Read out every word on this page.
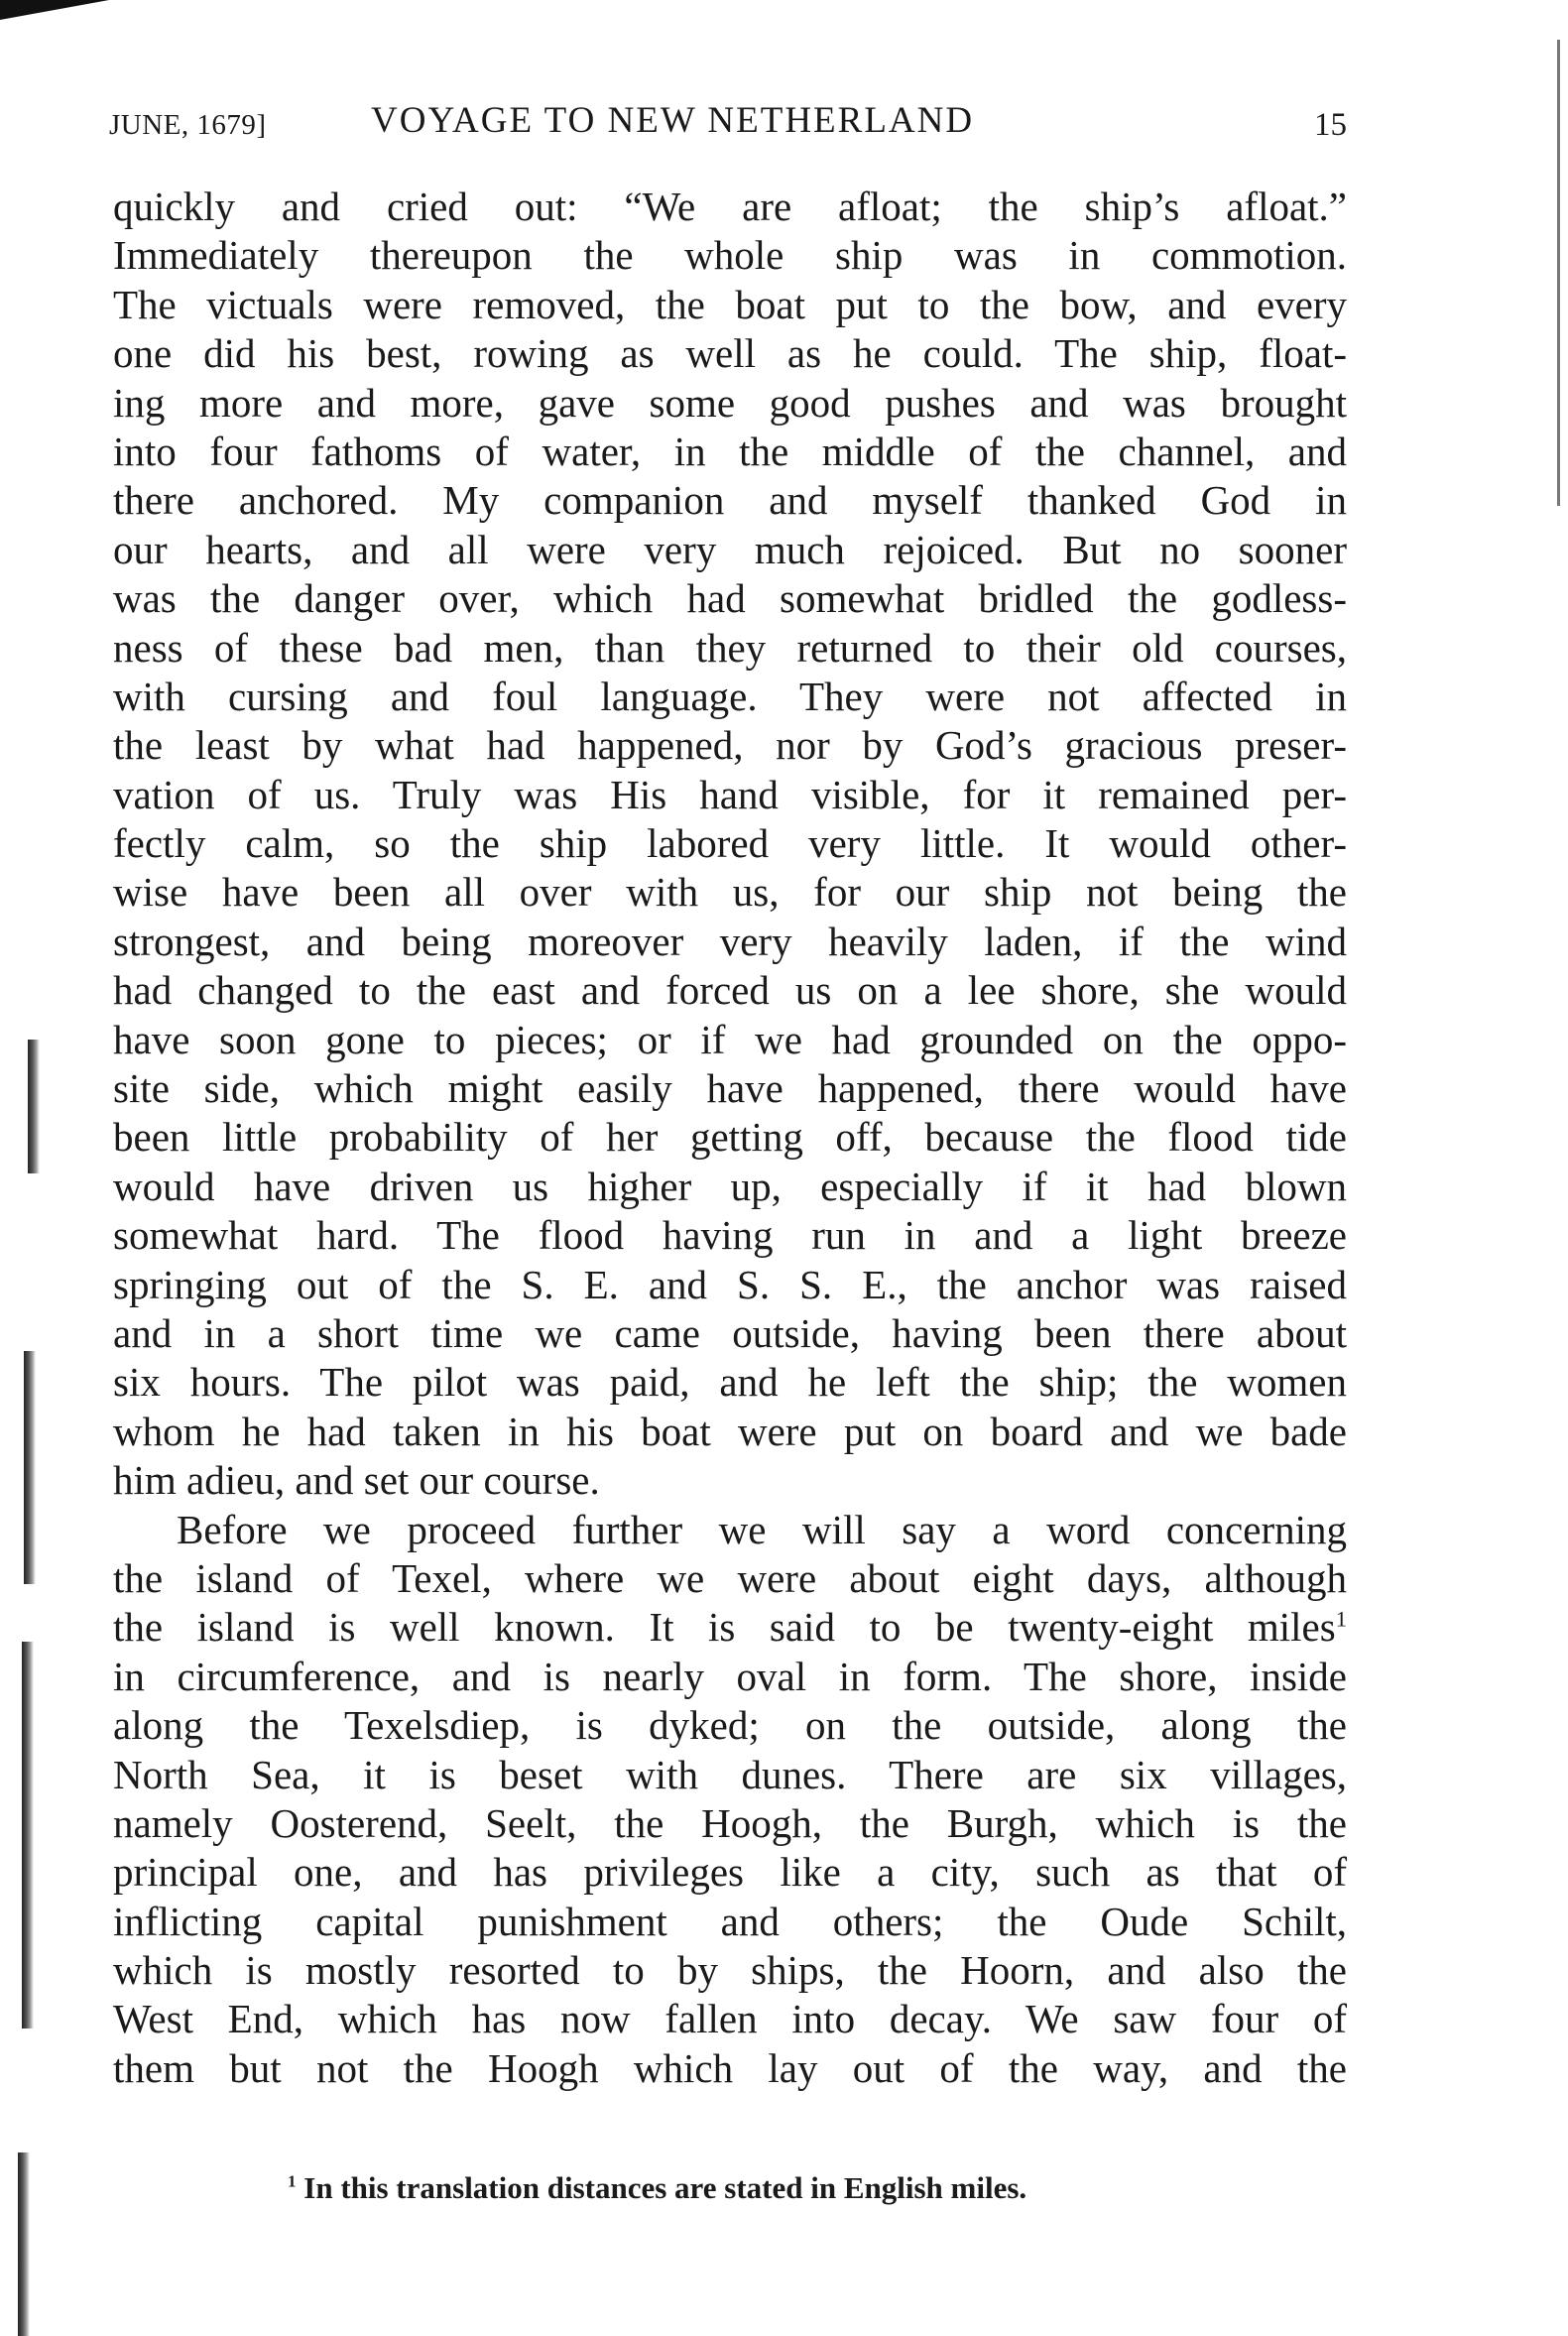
JUNE, 1679]	VOYAGE TO NEW NETHERLAND	15
quickly and cried out: “We are afloat; the ship’s afloat.”
Immediately thereupon the whole ship was in commotion.
The victuals were removed, the boat put to the bow, and every
one did his best, rowing as well as he could. The ship, float-
ing more and more, gave some good pushes and was brought
into four fathoms of water, in the middle of the channel, and
there anchored. My companion and myself thanked God in
our hearts, and all were very much rejoiced. But no sooner
was the danger over, which had somewhat bridled the godless-
ness of these bad men, than they returned to their old courses,
with cursing and foul language. They were not affected in
the least by what had happened, nor by God’s gracious preser-
vation of us. Truly was His hand visible, for it remained per-
fectly calm, so the ship labored very little. It would other-
wise have been all over with us, for our ship not being the
strongest, and being moreover very heavily laden, if the wind
had changed to the east and forced us on a lee shore, she would
have soon gone to pieces; or if we had grounded on the oppo-
site side, which might easily have happened, there would have
been little probability of her getting off, because the flood tide
would have driven us higher up, especially if it had blown
somewhat hard. The flood having run in and a light breeze
springing out of the S. E. and S. S. E., the anchor was raised
and in a short time we came outside, having been there about
six hours. The pilot was paid, and he left the ship; the women
whom he had taken in his boat were put on board and we bade
him adieu, and set our course.
Before we proceed further we will say a word concerning
the island of Texel, where we were about eight days, although
the island is well known. It is said to be twenty-eight miles$^1$
in circumference, and is nearly oval in form. The shore, inside
along the Texelsdiep, is dyked; on the outside, along the
North Sea, it is beset with dunes. There are six villages,
namely Oosterend, Seelt, the Hoogh, the Burgh, which is the
principal one, and has privileges like a city, such as that of
inflicting capital punishment and others; the Oude Schilt,
which is mostly resorted to by ships, the Hoorn, and also the
West End, which has now fallen into decay. We saw four of
them but not the Hoogh which lay out of the way, and the
$^1$ In this translation distances are stated in English miles.
